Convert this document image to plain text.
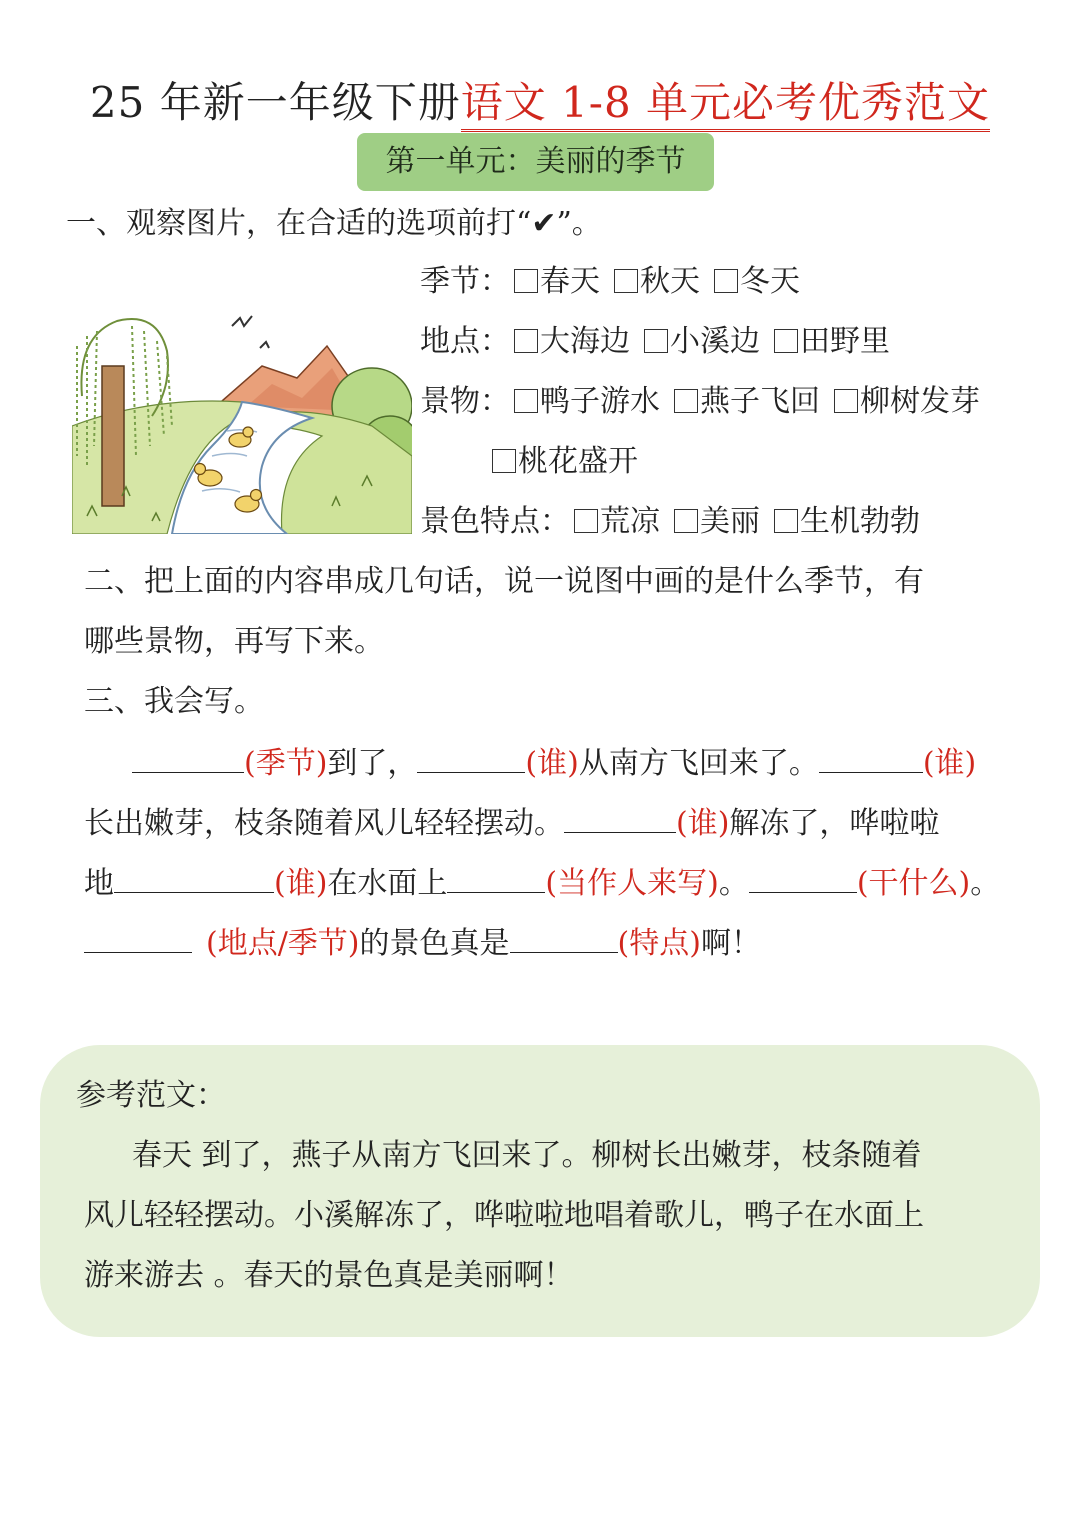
25 年新一年级下册语文 1-8 单元必考优秀范文
第一单元：美丽的季节
一、观察图片，在合适的选项前打“✔”。
季节： 春天 秋天 冬天
地点： 大海边 小溪边 田野里
景物： 鸭子游水 燕子飞回 柳树发芽
桃花盛开
景色特点： 荒凉 美丽 生机勃勃
二、把上面的内容串成几句话，说一说图中画的是什么季节，有
哪些景物，再写下来。
三、我会写。
(季节)到了，	(谁)从南方飞回来了。	(谁)
长出嫩芽，枝条随着风儿轻轻摆动。	(谁)解冻了，哗啦啦
地	(谁)在水面上	(当作人来写)。	(干什么)。
(地点/季节)的景色真是	(特点)啊！
参考范文：
春天 到了，燕子从南方飞回来了。柳树长出嫩芽，枝条随着
风儿轻轻摆动。小溪解冻了，哗啦啦地唱着歌儿，鸭子在水面上
游来游去 。春天的景色真是美丽啊！
